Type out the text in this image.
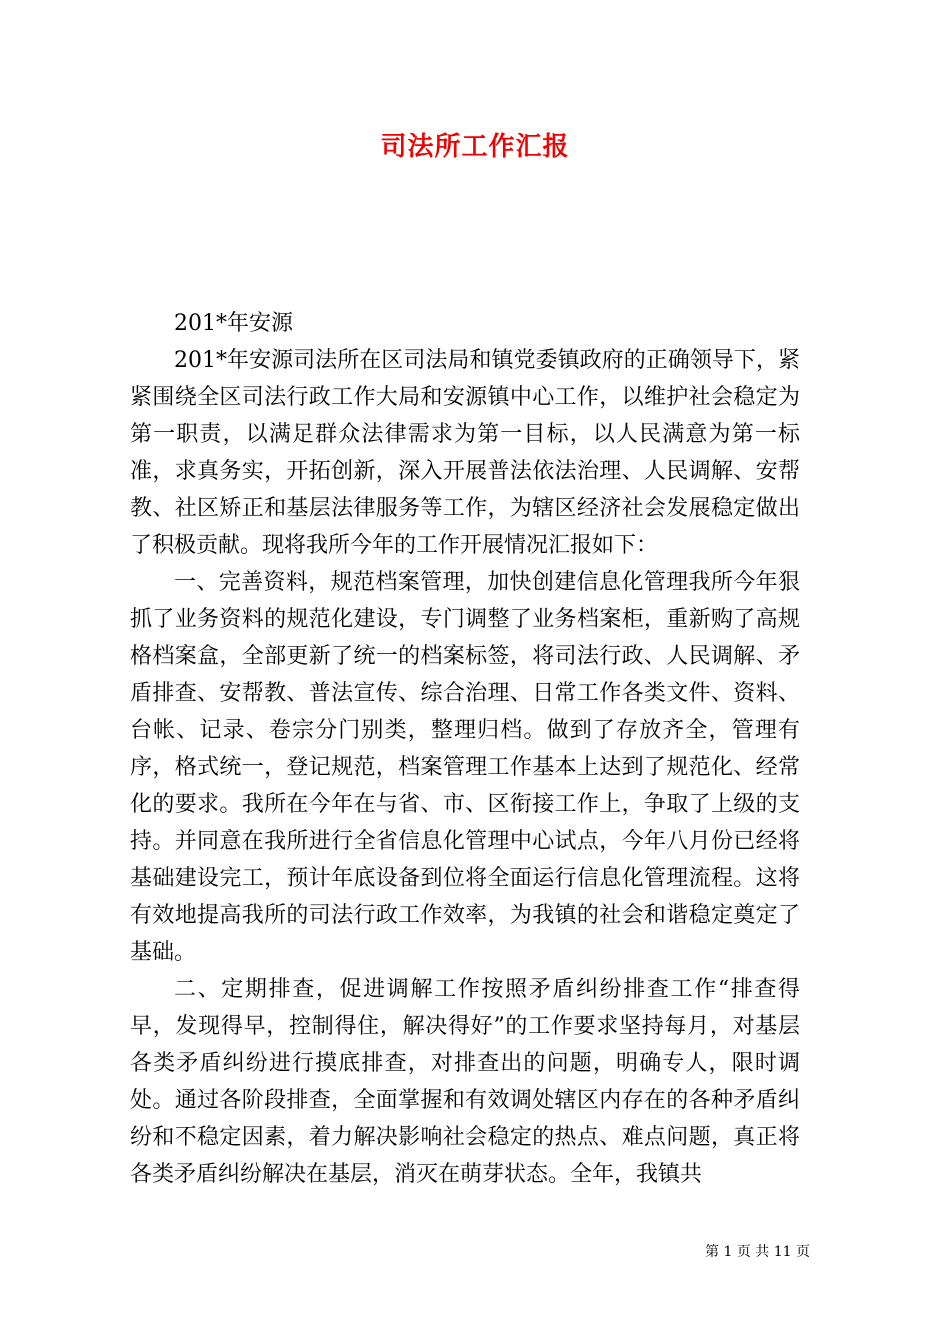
司法所工作汇报

201*年安源

201*年安源司法所在区司法局和镇党委镇政府的正确领导下，紧紧围绕全区司法行政工作大局和安源镇中心工作，以维护社会稳定为第一职责，以满足群众法律需求为第一目标，以人民满意为第一标准，求真务实，开拓创新，深入开展普法依法治理、人民调解、安帮教、社区矫正和基层法律服务等工作，为辖区经济社会发展稳定做出了积极贡献。现将我所今年的工作开展情况汇报如下：

一、完善资料，规范档案管理，加快创建信息化管理我所今年狠抓了业务资料的规范化建设，专门调整了业务档案柜，重新购了高规格档案盒，全部更新了统一的档案标签，将司法行政、人民调解、矛盾排查、安帮教、普法宣传、综合治理、日常工作各类文件、资料、台帐、记录、卷宗分门别类，整理归档。做到了存放齐全，管理有序，格式统一，登记规范，档案管理工作基本上达到了规范化、经常化的要求。我所在今年在与省、市、区衔接工作上，争取了上级的支持。并同意在我所进行全省信息化管理中心试点，今年八月份已经将基础建设完工，预计年底设备到位将全面运行信息化管理流程。这将有效地提高我所的司法行政工作效率，为我镇的社会和谐稳定奠定了基础。

二、定期排查，促进调解工作按照矛盾纠纷排查工作“排查得早，发现得早，控制得住，解决得好”的工作要求坚持每月，对基层各类矛盾纠纷进行摸底排查，对排查出的问题，明确专人，限时调处。通过各阶段排查，全面掌握和有效调处辖区内存在的各种矛盾纠纷和不稳定因素，着力解决影响社会稳定的热点、难点问题，真正将各类矛盾纠纷解决在基层，消灭在萌芽状态。全年，我镇共

第 1 页 共 11 页
